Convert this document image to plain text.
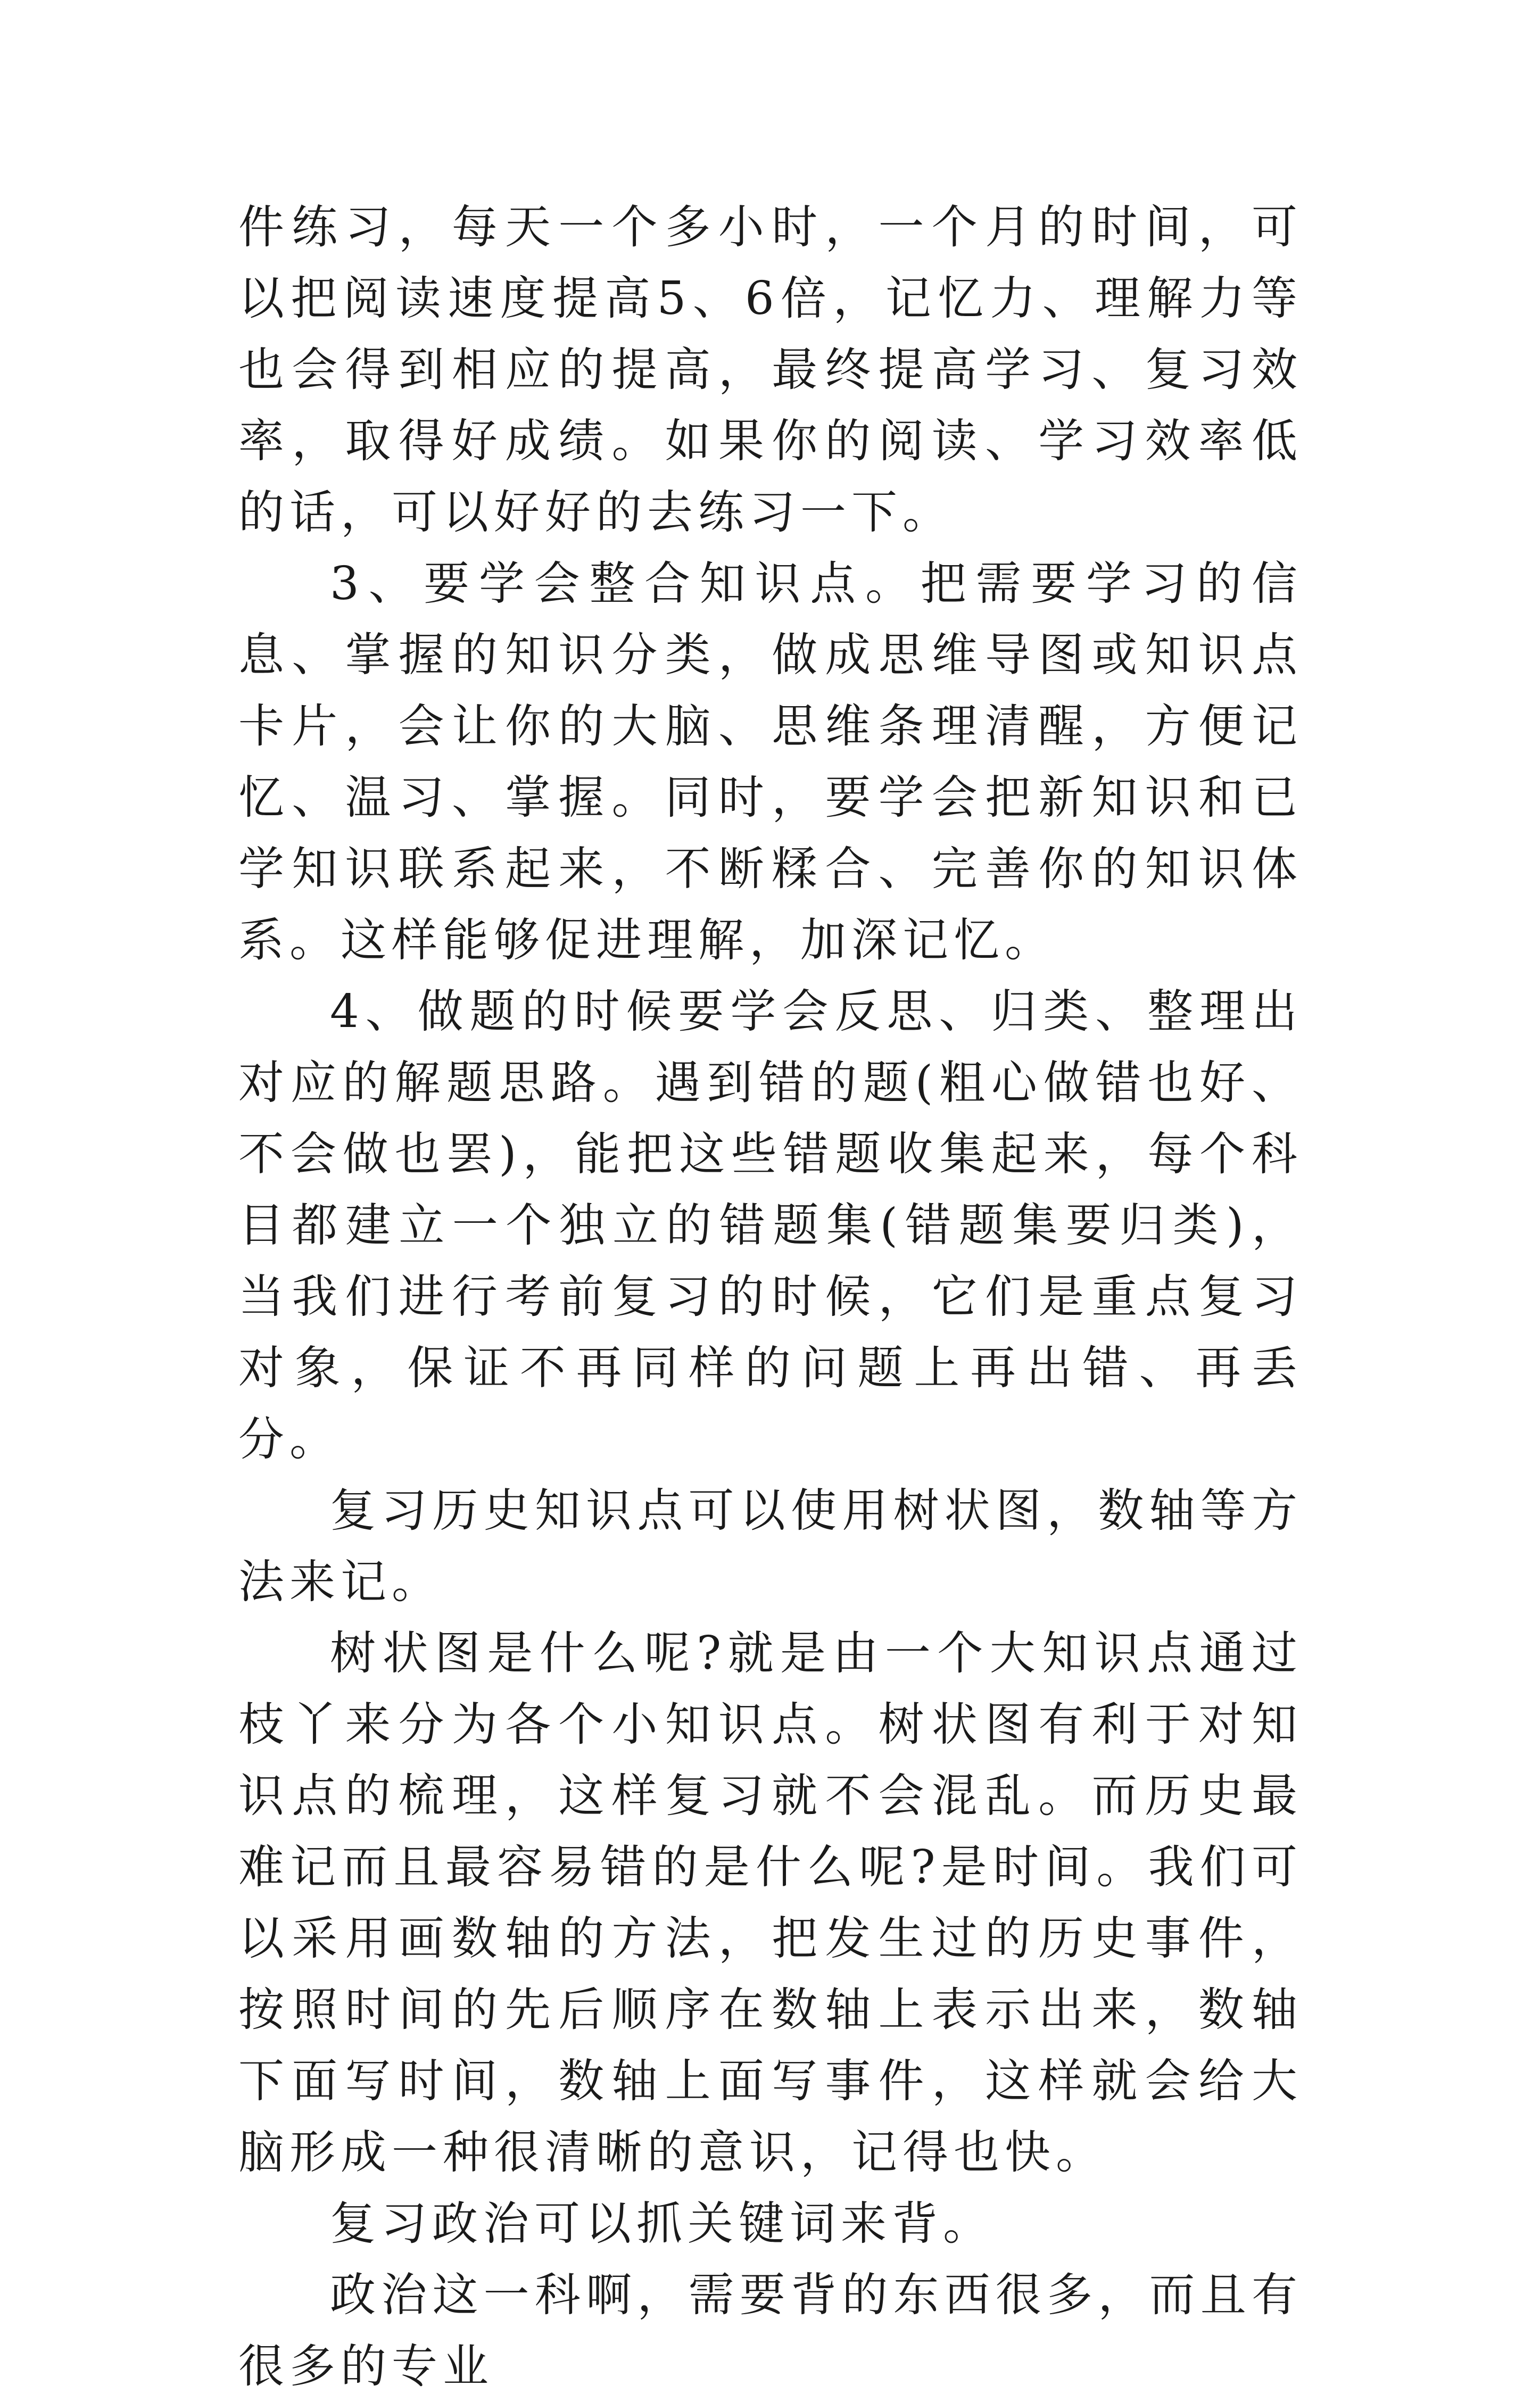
件练习，每天一个多小时，一个月的时间，可以把阅读速度提高5、6倍，记忆力、理解力等也会得到相应的提高，最终提高学习、复习效率，取得好成绩。如果你的阅读、学习效率低的话，可以好好的去练习一下。

3、要学会整合知识点。把需要学习的信息、掌握的知识分类，做成思维导图或知识点卡片，会让你的大脑、思维条理清醒，方便记忆、温习、掌握。同时，要学会把新知识和已学知识联系起来，不断糅合、完善你的知识体系。这样能够促进理解，加深记忆。

4、做题的时候要学会反思、归类、整理出对应的解题思路。遇到错的题(粗心做错也好、不会做也罢)，能把这些错题收集起来，每个科目都建立一个独立的错题集(错题集要归类)，当我们进行考前复习的时候，它们是重点复习对象，保证不再同样的问题上再出错、再丢分。

复习历史知识点可以使用树状图，数轴等方法来记。

树状图是什么呢?就是由一个大知识点通过枝丫来分为各个小知识点。树状图有利于对知识点的梳理，这样复习就不会混乱。而历史最难记而且最容易错的是什么呢?是时间。我们可以采用画数轴的方法，把发生过的历史事件，按照时间的先后顺序在数轴上表示出来，数轴下面写时间，数轴上面写事件，这样就会给大脑形成一种很清晰的意识，记得也快。

复习政治可以抓关键词来背。

政治这一科啊，需要背的东西很多，而且有很多的专业
